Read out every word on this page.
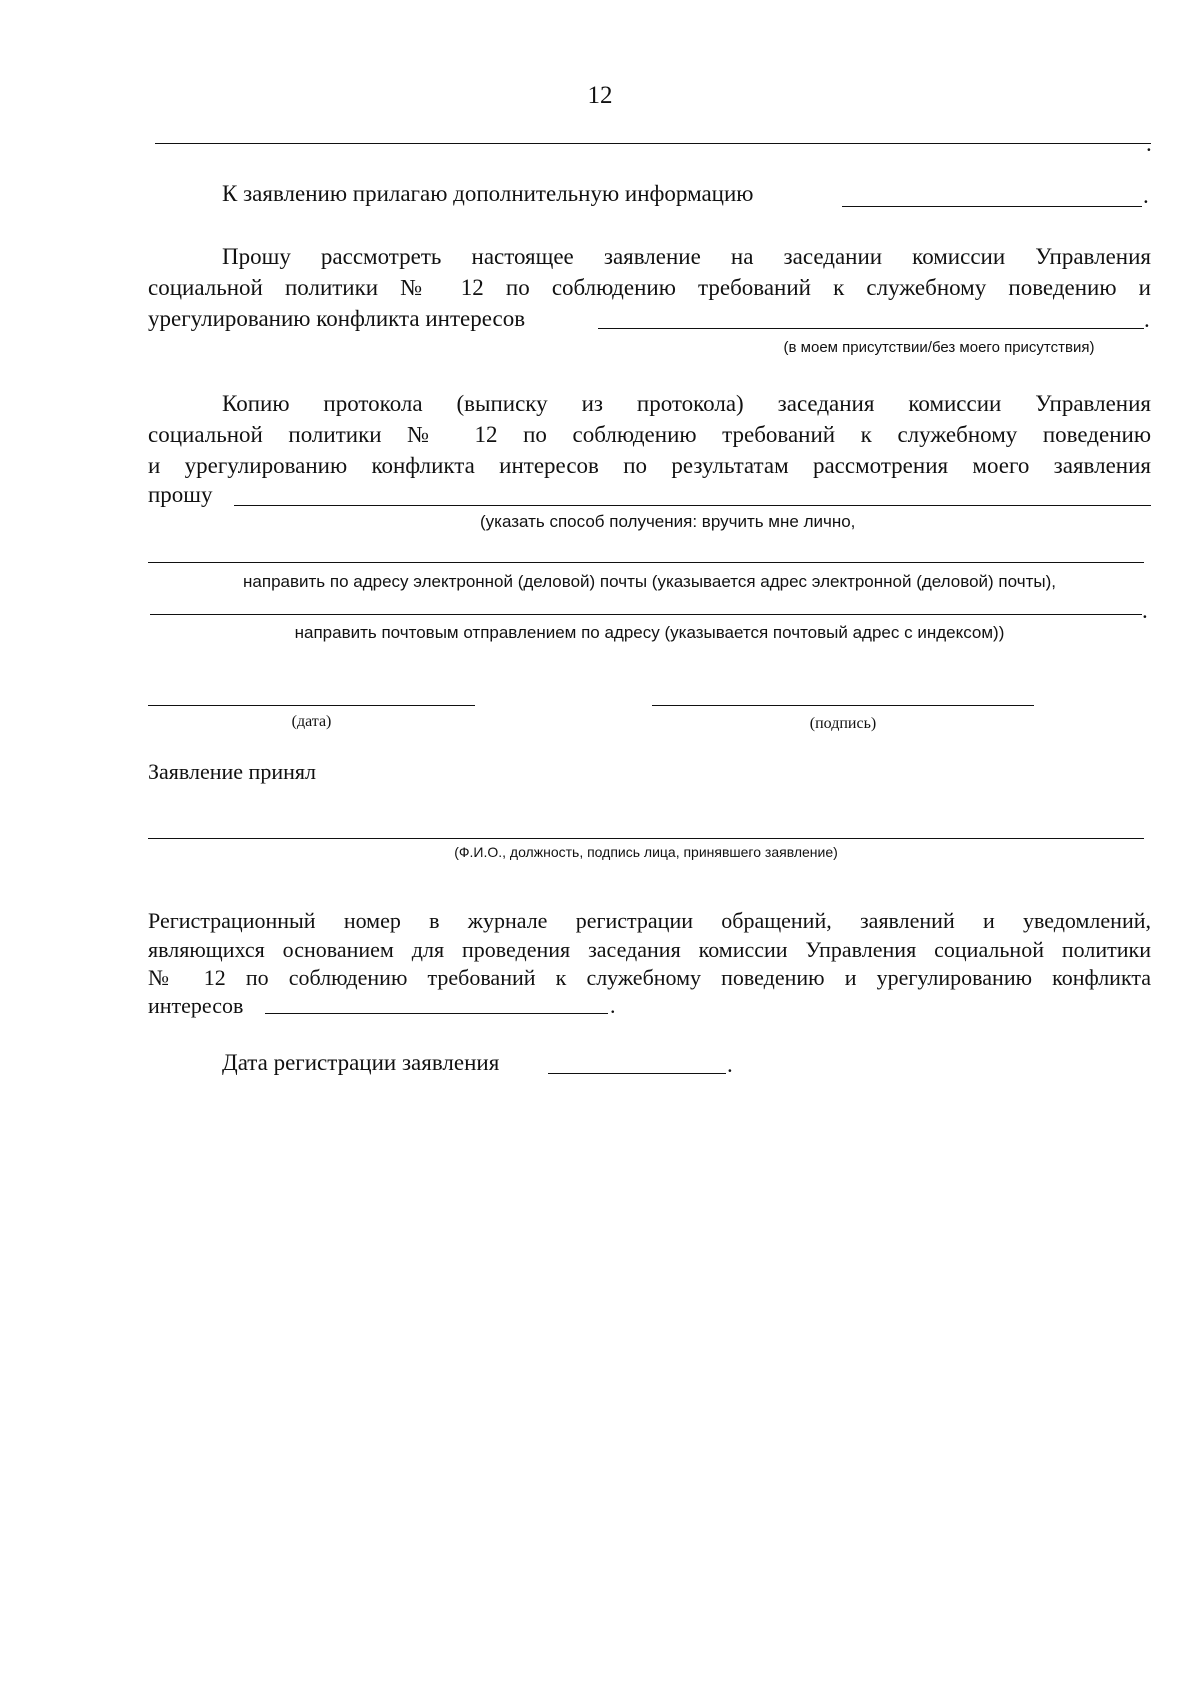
12
.
К заявлению прилагаю дополнительную информацию	.
Прошу рассмотреть настоящее заявление на заседании комиссии Управления
социальной политики № 12 по соблюдению требований к служебному поведению и
урегулированию конфликта интересов	.
(в моем присутствии/без моего присутствия)
Копию протокола (выписку из протокола) заседания комиссии Управления
социальной политики № 12 по соблюдению требований к служебному поведению
и урегулированию конфликта интересов по результатам рассмотрения моего заявления
прошу
(указать способ получения: вручить мне лично,
направить по адресу электронной (деловой) почты (указывается адрес электронной (деловой) почты),
.
направить почтовым отправлением по адресу (указывается почтовый адрес с индексом))
(дата)	(подпись)
Заявление принял
(Ф.И.О., должность, подпись лица, принявшего заявление)
Регистрационный номер в журнале регистрации обращений, заявлений и уведомлений,
являющихся основанием для проведения заседания комиссии Управления социальной политики
№ 12 по соблюдению требований к служебному поведению и урегулированию конфликта
интересов	.
Дата регистрации заявления	.
